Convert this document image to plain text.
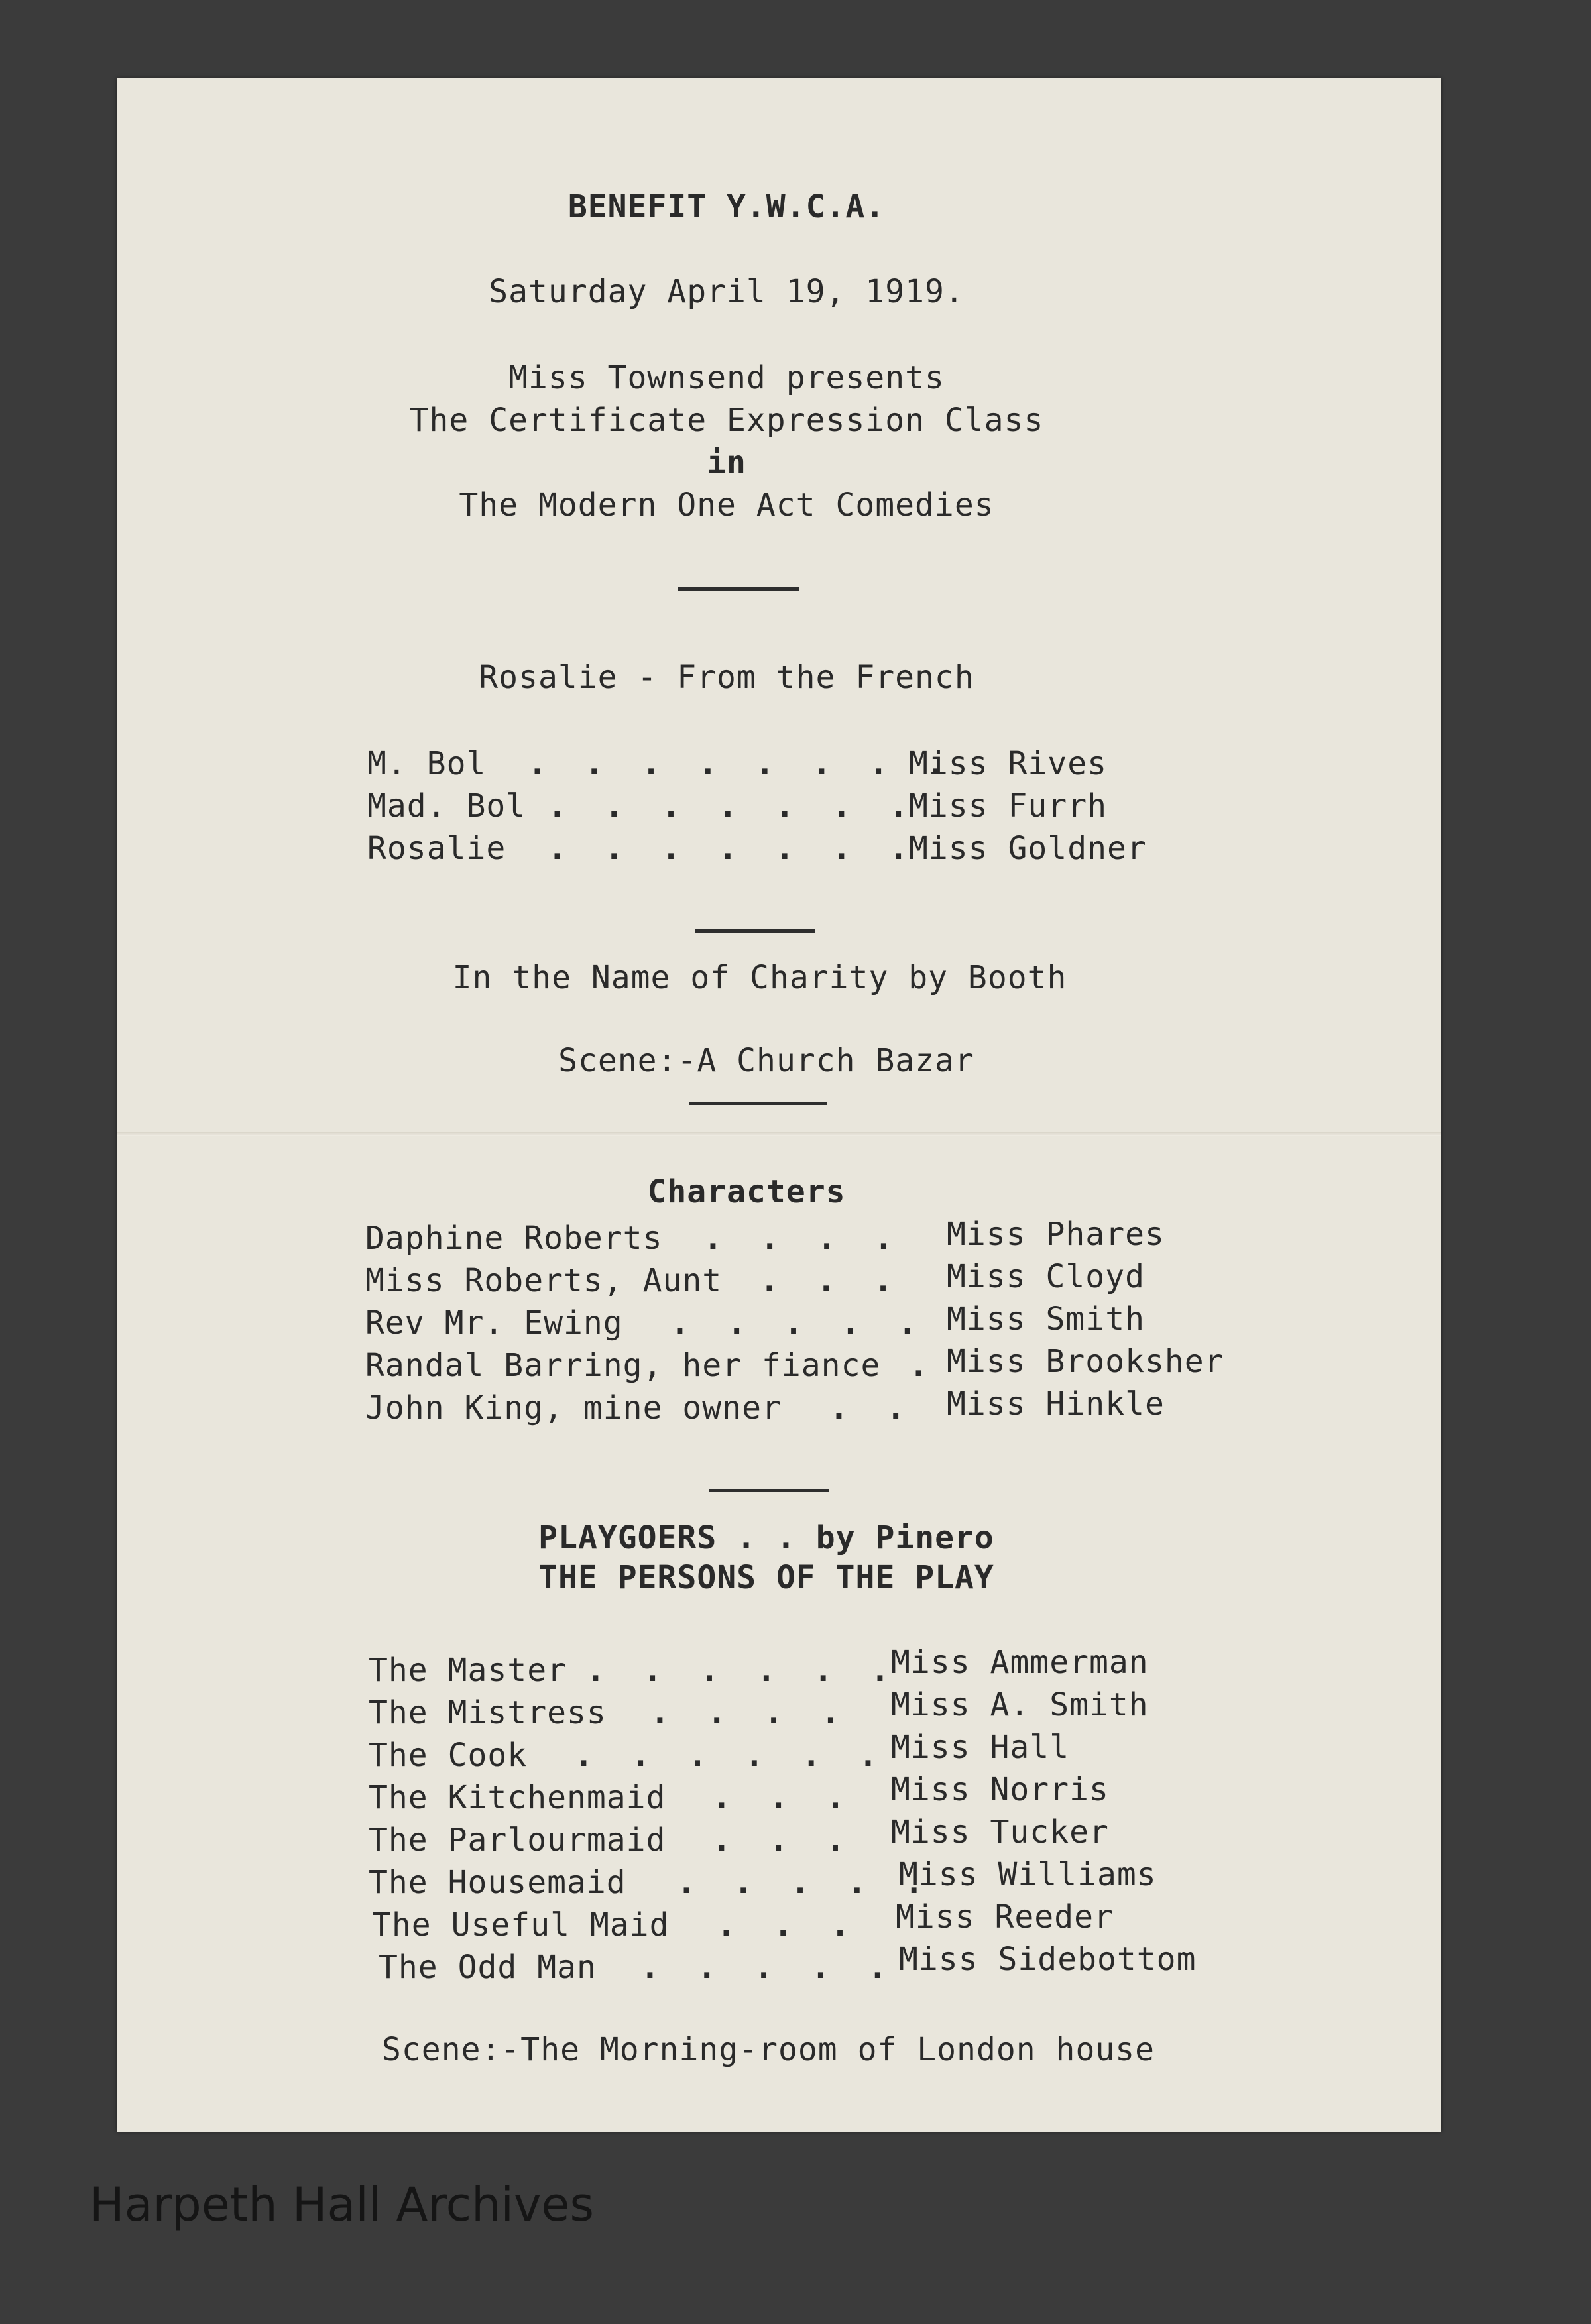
BENEFIT Y.W.C.A.
Saturday April 19, 1919.
Miss Townsend presents
The Certificate Expression Class
in
The Modern One Act Comedies
Rosalie - From the French
M. Bol . . . . . . . .
Miss Rives
Mad. Bol . . . . . . .
Miss Furrh
Rosalie . . . . . . .
Miss Goldner
In the Name of Charity by Booth
Scene:-A Church Bazar
Characters
Daphine Roberts . . . . Miss Phares
Miss Roberts, Aunt . . . Miss Cloyd
Rev Mr. Ewing . . . . . Miss Smith
Randal Barring, her fiance . Miss Brooksher
John King, mine owner . . Miss Hinkle
PLAYGOERS . . by Pinero
THE PERSONS OF THE PLAY
The Master . . . . . .
Miss Ammerman
The Mistress . . . . Miss A. Smith
The Cook . . . . . . Miss Hall
The Kitchenmaid . . . Miss Norris
The Parlourmaid . . . Miss Tucker
The Housemaid . . . . .
Miss Williams
The Useful Maid . . . Miss Reeder
The Odd Man . . . . . Miss Sidebottom
Scene:-The Morning-room of London house
Harpeth Hall Archives
